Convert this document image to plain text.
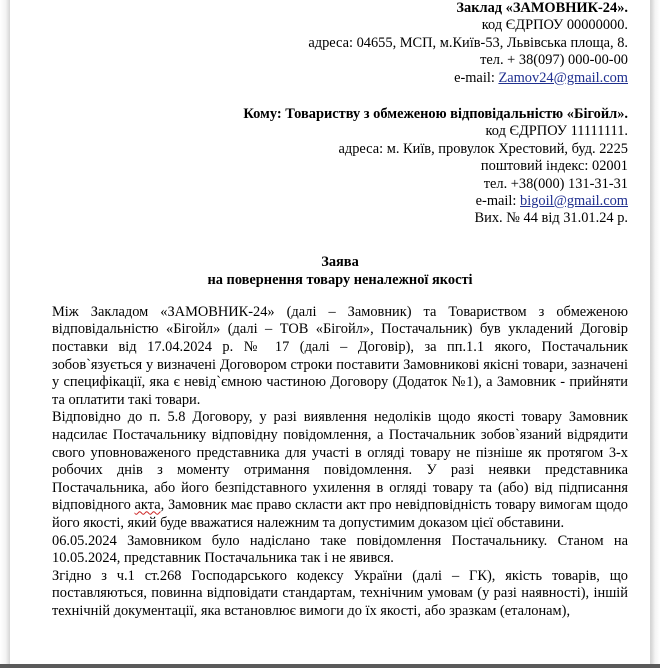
Заклад «ЗАМОВНИК-24».
код ЄДРПОУ 00000000.
адреса: 04655, МСП, м.Київ-53, Львівська площа, 8.
тел. + 38(097) 000-00-00
e-mail: Zamov24@gmail.com
Кому: Товариству з обмеженою відповідальністю «Бігойл».
код ЄДРПОУ 11111111.
адреса: м. Київ, провулок Хрестовий, буд. 2225
поштовий індекс: 02001
тел. +38(000) 131-31-31
e-mail: bigoil@gmail.com
Вих. № 44 від 31.01.24 р.
Заява
на повернення товару неналежної якості

Між Закладом «ЗАМОВНИК-24» (далі – Замовник) та Товариством з обмеженою відповідальністю «Бігойл» (далі – ТОВ «Бігойл», Постачальник) був укладений Договір поставки від 17.04.2024 р. № 17 (далі – Договір), за пп.1.1 якого, Постачальник зобов`язується у визначені Договором строки поставити Замовникові якісні товари, зазначені у специфікації, яка є невід`ємною частиною Договору (Додаток №1), а Замовник - прийняти та оплатити такі товари.

Відповідно до п. 5.8 Договору, у разі виявлення недоліків щодо якості товару Замовник надсилає Постачальнику відповідну повідомлення, а Постачальник зобов`язаний відрядити свого уповноваженого представника для участі в огляді товару не пізніше як протягом 3-х робочих днів з моменту отримання повідомлення. У разі неявки представника Постачальника, або його безпідставного ухилення в огляді товару та (або) від підписання відповідного акта, Замовник має право скласти акт про невідповідність товару вимогам щодо його якості, який буде вважатися належним та допустимим доказом цієї обставини.

06.05.2024 Замовником було надіслано таке повідомлення Постачальнику. Станом на 10.05.2024, представник Постачальника так і не явився.

Згідно з ч.1 ст.268 Господарського кодексу України (далі – ГК), якість товарів, що поставляються, повинна відповідати стандартам, технічним умовам (у разі наявності), іншій технічній документації, яка встановлює вимоги до їх якості, або зразкам (еталонам),
